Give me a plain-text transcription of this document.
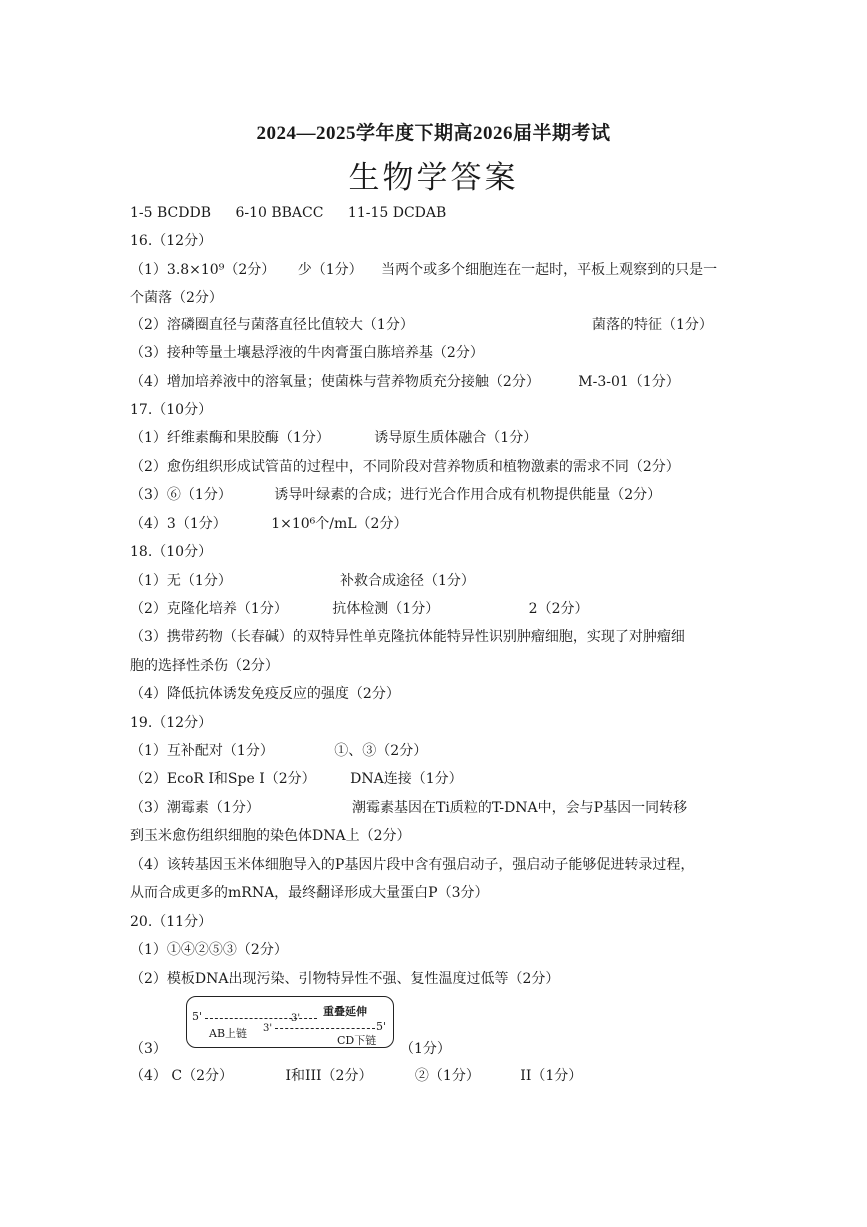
2024—2025学年度下期高2026届半期考试
生物学答案
1-5 BCDDB 6-10 BBACC 11-15 DCDAB
16.（12分）
（1）3.8×10⁹（2分） 少（1分） 当两个或多个细胞连在一起时，平板上观察到的只是一
个菌落（2分）
（2）溶磷圈直径与菌落直径比值较大（1分）	菌落的特征（1分）
（3）接种等量土壤悬浮液的牛肉膏蛋白胨培养基（2分）
（4）增加培养液中的溶氧量；使菌株与营养物质充分接触（2分）	M-3-01（1分）
17.（10分）
（1）纤维素酶和果胶酶（1分）	诱导原生质体融合（1分）
（2）愈伤组织形成试管苗的过程中，不同阶段对营养物质和植物激素的需求不同（2分）
（3）⑥（1分）	诱导叶绿素的合成；进行光合作用合成有机物提供能量（2分）
（4）3（1分）	1×10⁶个/mL（2分）
18.（10分）
（1）无（1分）	补救合成途径（1分）
（2）克隆化培养（1分）	抗体检测（1分）	2（2分）
（3）携带药物（长春碱）的双特异性单克隆抗体能特异性识别肿瘤细胞，实现了对肿瘤细
胞的选择性杀伤（2分）
（4）降低抗体诱发免疫反应的强度（2分）
19.（12分）
（1）互补配对（1分）	①、③（2分）
（2）EcoR I和Spe I（2分） DNA连接（1分）
（3）潮霉素（1分）	潮霉素基因在Ti质粒的T-DNA中，会与P基因一同转移
到玉米愈伤组织细胞的染色体DNA上（2分）
（4）该转基因玉米体细胞导入的P基因片段中含有强启动子，强启动子能够促进转录过程，
从而合成更多的mRNA，最终翻译形成大量蛋白P（3分）
20.（11分）
（1）①④②⑤③（2分）
（2）模板DNA出现污染、引物特异性不强、复性温度过低等（2分）
（3）
5'	3'
重叠延伸
AB上链 3'	5'
CD下链
（1分）
（4） C（2分）	I和III（2分）	②（1分）	II（1分）
